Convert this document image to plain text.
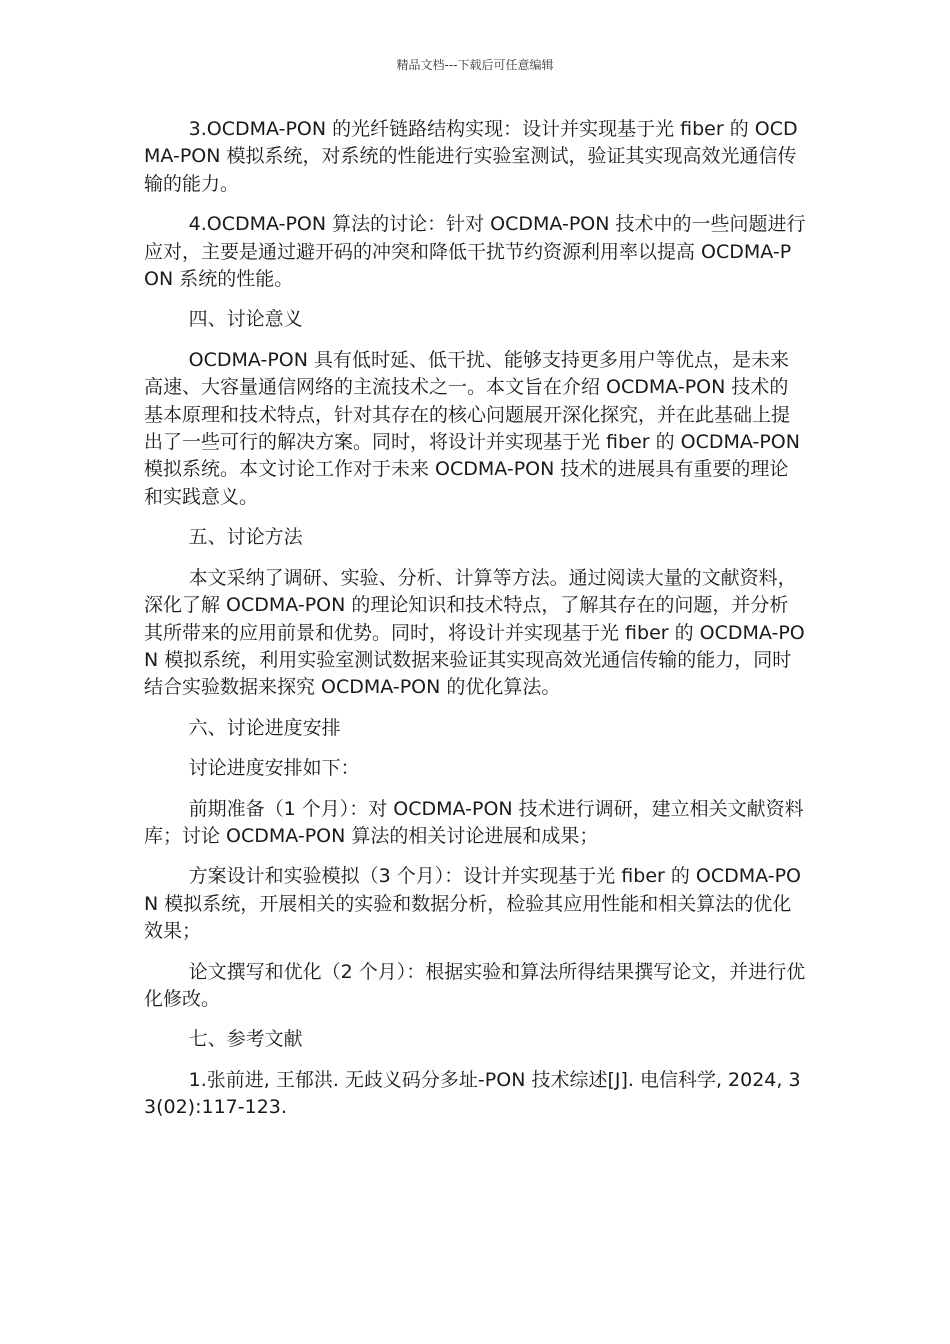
精品文档---下载后可任意编辑

3.OCDMA-PON 的光纤链路结构实现：设计并实现基于光 fiber 的 OCDMA-PON 模拟系统，对系统的性能进行实验室测试，验证其实现高效光通信传输的能力。

4.OCDMA-PON 算法的讨论：针对 OCDMA-PON 技术中的一些问题进行应对，主要是通过避开码的冲突和降低干扰节约资源利用率以提高 OCDMA-PON 系统的性能。

四、讨论意义

OCDMA-PON 具有低时延、低干扰、能够支持更多用户等优点，是未来高速、大容量通信网络的主流技术之一。本文旨在介绍 OCDMA-PON 技术的基本原理和技术特点，针对其存在的核心问题展开深化探究，并在此基础上提出了一些可行的解决方案。同时，将设计并实现基于光 fiber 的 OCDMA-PON 模拟系统。本文讨论工作对于未来 OCDMA-PON 技术的进展具有重要的理论和实践意义。

五、讨论方法

本文采纳了调研、实验、分析、计算等方法。通过阅读大量的文献资料，深化了解 OCDMA-PON 的理论知识和技术特点，了解其存在的问题，并分析其所带来的应用前景和优势。同时，将设计并实现基于光 fiber 的 OCDMA-PON 模拟系统，利用实验室测试数据来验证其实现高效光通信传输的能力，同时结合实验数据来探究 OCDMA-PON 的优化算法。

六、讨论进度安排

讨论进度安排如下：

前期准备（1 个月）：对 OCDMA-PON 技术进行调研，建立相关文献资料库；讨论 OCDMA-PON 算法的相关讨论进展和成果；

方案设计和实验模拟（3 个月）：设计并实现基于光 fiber 的 OCDMA-PON 模拟系统，开展相关的实验和数据分析，检验其应用性能和相关算法的优化效果；

论文撰写和优化（2 个月）：根据实验和算法所得结果撰写论文，并进行优化修改。

七、参考文献

1.张前进, 王郁洪. 无歧义码分多址-PON 技术综述[J]. 电信科学, 2024, 33(02):117-123.
